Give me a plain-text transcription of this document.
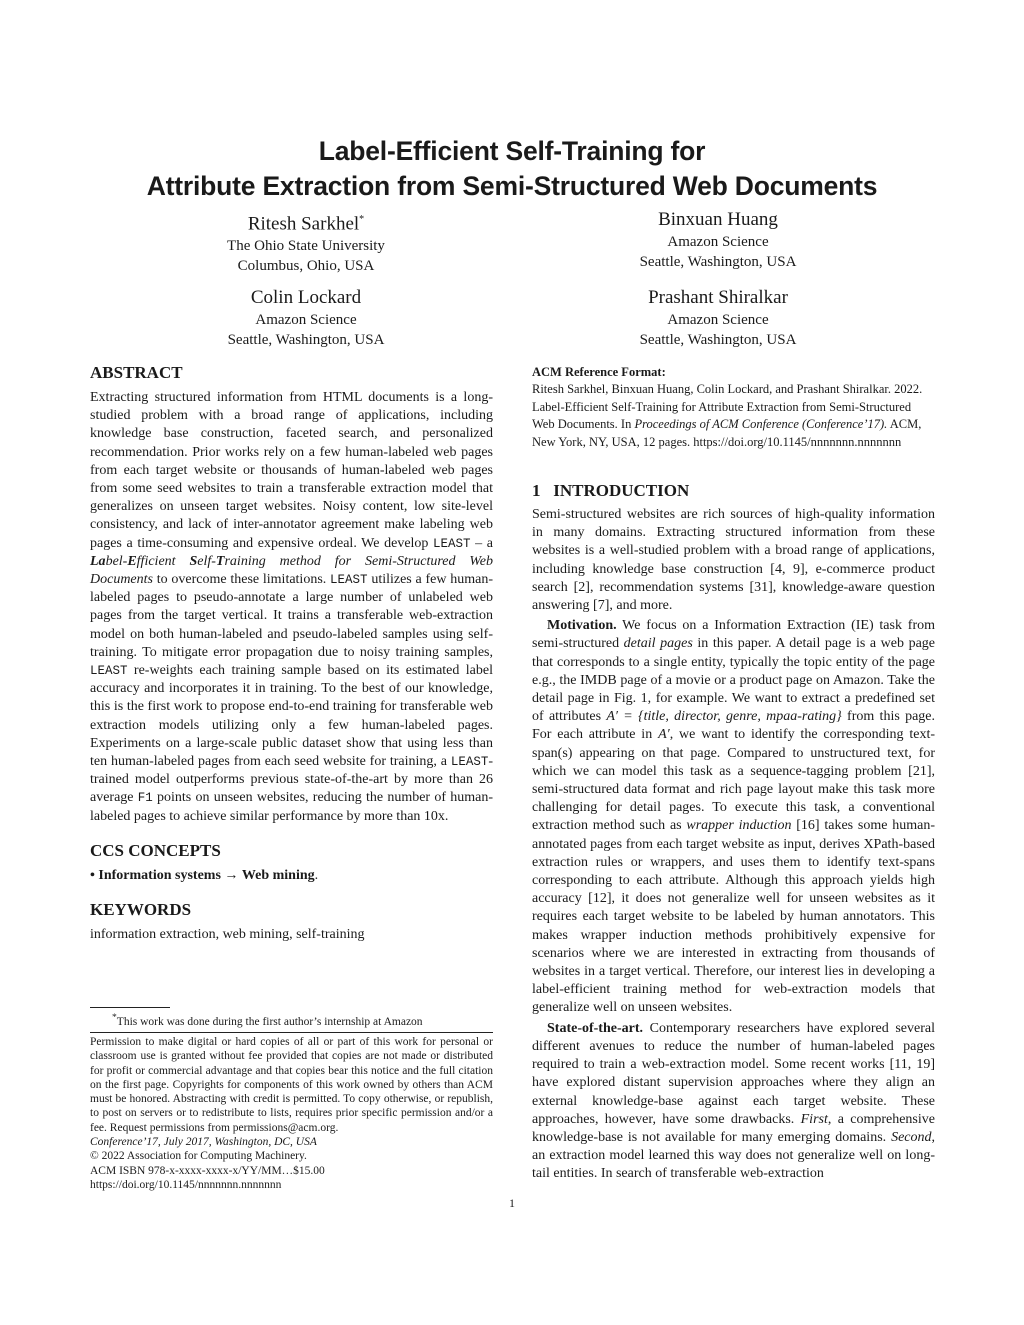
Label-Efficient Self-Training for
Attribute Extraction from Semi-Structured Web Documents
Ritesh Sarkhel*
The Ohio State University
Columbus, Ohio, USA
Binxuan Huang
Amazon Science
Seattle, Washington, USA
Colin Lockard
Amazon Science
Seattle, Washington, USA
Prashant Shiralkar
Amazon Science
Seattle, Washington, USA

ABSTRACT

Extracting structured information from HTML documents is a long-studied problem with a broad range of applications, including knowledge base construction, faceted search, and personalized recommendation. Prior works rely on a few human-labeled web pages from each target website or thousands of human-labeled web pages from some seed websites to train a transferable extraction model that generalizes on unseen target websites. Noisy content, low site-level consistency, and lack of inter-annotator agreement make labeling web pages a time-consuming and expensive ordeal. We develop LEAST – a Label-Efficient Self-Training method for Semi-Structured Web Documents to overcome these limitations. LEAST utilizes a few human-labeled pages to pseudo-annotate a large number of unlabeled web pages from the target vertical. It trains a transferable web-extraction model on both human-labeled and pseudo-labeled samples using self-training. To mitigate error propagation due to noisy training samples, LEAST re-weights each training sample based on its estimated label accuracy and incorporates it in training. To the best of our knowledge, this is the first work to propose end-to-end training for transferable web extraction models utilizing only a few human-labeled pages. Experiments on a large-scale public dataset show that using less than ten human-labeled pages from each seed website for training, a LEAST-trained model outperforms previous state-of-the-art by more than 26 average F1 points on unseen websites, reducing the number of human-labeled pages to achieve similar performance by more than 10x.

CCS CONCEPTS

• Information systems → Web mining.

KEYWORDS

information extraction, web mining, self-training

*This work was done during the first author’s internship at Amazon

Permission to make digital or hard copies of all or part of this work for personal or classroom use is granted without fee provided that copies are not made or distributed for profit or commercial advantage and that copies bear this notice and the full citation on the first page. Copyrights for components of this work owned by others than ACM must be honored. Abstracting with credit is permitted. To copy otherwise, or republish, to post on servers or to redistribute to lists, requires prior specific permission and/or a fee. Request permissions from permissions@acm.org.

Conference’17, July 2017, Washington, DC, USA

© 2022 Association for Computing Machinery.

ACM ISBN 978-x-xxxx-xxxx-x/YY/MM…$15.00

https://doi.org/10.1145/nnnnnnn.nnnnnnn

ACM Reference Format:

Ritesh Sarkhel, Binxuan Huang, Colin Lockard, and Prashant Shiralkar. 2022. Label-Efficient Self-Training for Attribute Extraction from Semi-Structured Web Documents. In Proceedings of ACM Conference (Conference’17). ACM, New York, NY, USA, 12 pages. https://doi.org/10.1145/nnnnnnn.nnnnnnn

1   INTRODUCTION

Semi-structured websites are rich sources of high-quality information in many domains. Extracting structured information from these websites is a well-studied problem with a broad range of applications, including knowledge base construction [4, 9], e-commerce product search [2], recommendation systems [31], knowledge-aware question answering [7], and more.

Motivation. We focus on a Information Extraction (IE) task from semi-structured detail pages in this paper. A detail page is a web page that corresponds to a single entity, typically the topic entity of the page e.g., the IMDB page of a movie or a product page on Amazon. Take the detail page in Fig. 1, for example. We want to extract a predefined set of attributes A′ = {title, director, genre, mpaa-rating} from this page. For each attribute in A′, we want to identify the corresponding text-span(s) appearing on that page. Compared to unstructured text, for which we can model this task as a sequence-tagging problem [21], semi-structured data format and rich page layout make this task more challenging for detail pages. To execute this task, a conventional extraction method such as wrapper induction [16] takes some human-annotated pages from each target website as input, derives XPath-based extraction rules or wrappers, and uses them to identify text-spans corresponding to each attribute. Although this approach yields high accuracy [12], it does not generalize well for unseen websites as it requires each target website to be labeled by human annotators. This makes wrapper induction methods prohibitively expensive for scenarios where we are interested in extracting from thousands of websites in a target vertical. Therefore, our interest lies in developing a label-efficient training method for web-extraction models that generalize well on unseen websites.

State-of-the-art. Contemporary researchers have explored several different avenues to reduce the number of human-labeled pages required to train a web-extraction model. Some recent works [11, 19] have explored distant supervision approaches where they align an external knowledge-base against each target website. These approaches, however, have some drawbacks. First, a comprehensive knowledge-base is not available for many emerging domains. Second, an extraction model learned this way does not generalize well on long-tail entities. In search of transferable web-extraction

1
